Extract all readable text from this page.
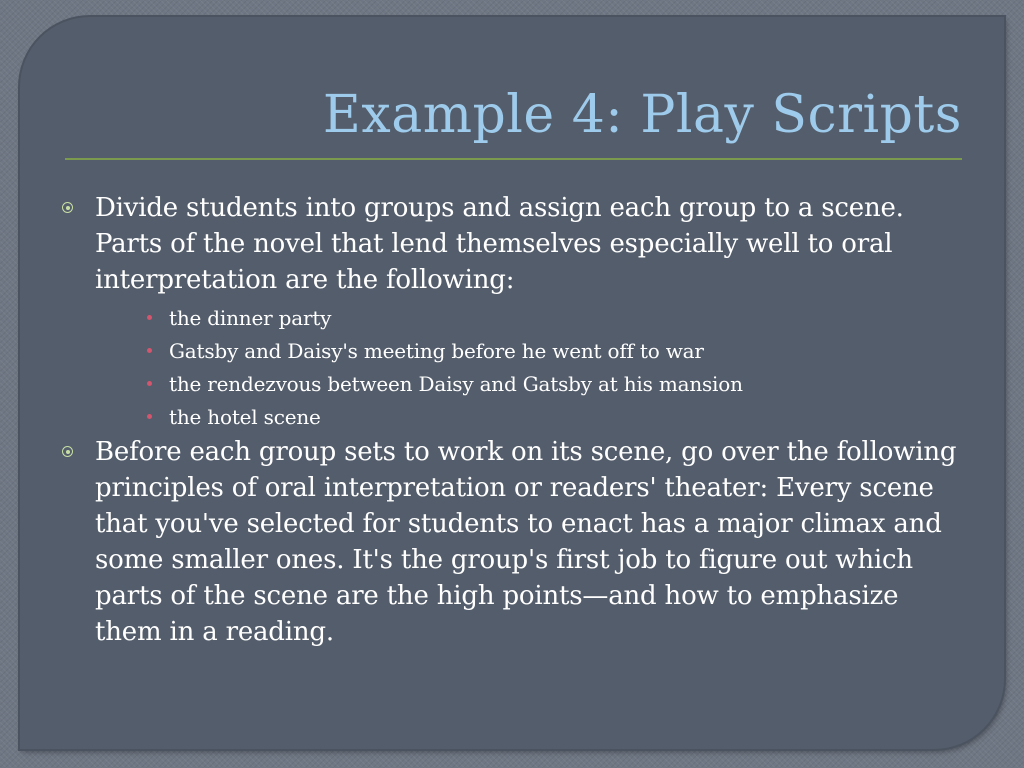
Example 4: Play Scripts
Divide students into groups and assign each group to a scene. Parts of the novel that lend themselves especially well to oral interpretation are the following:
the dinner party
Gatsby and Daisy's meeting before he went off to war
the rendezvous between Daisy and Gatsby at his mansion
the hotel scene
Before each group sets to work on its scene, go over the following principles of oral interpretation or readers' theater: Every scene that you've selected for students to enact has a major climax and some smaller ones. It's the group's first job to figure out which parts of the scene are the high points—and how to emphasize them in a reading.
